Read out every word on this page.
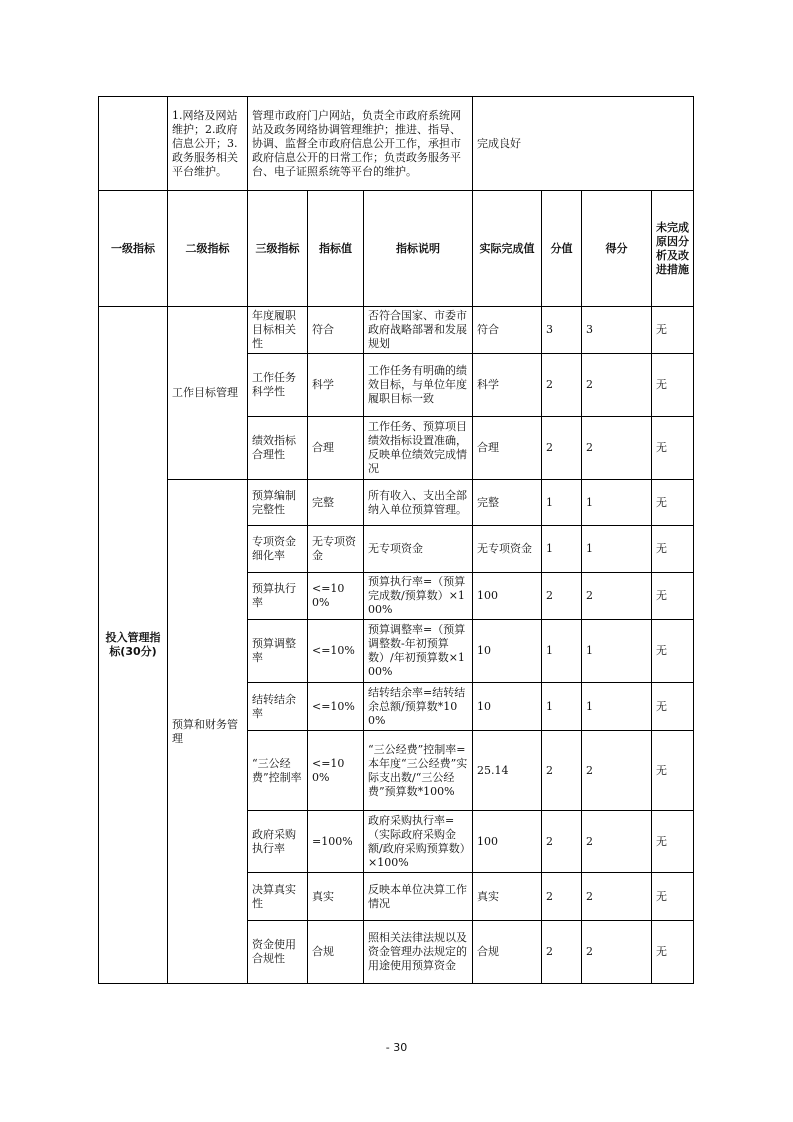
	1.网络及网站维护；2.政府信息公开；3.政务服务相关平台维护。	管理市政府门户网站，负责全市政府系统网站及政务网络协调管理维护；推进、指导、协调、监督全市政府信息公开工作，承担市政府信息公开的日常工作；负责政务服务平台、电子证照系统等平台的维护。			完成良好			
一级指标	二级指标	三级指标	指标值	指标说明	实际完成值	分值	得分	未完成原因分析及改进措施
投入管理指标(30分)	工作目标管理	年度履职目标相关性	符合	否符合国家、市委市政府战略部署和发展规划	符合	3	3	无
		工作任务科学性	科学	工作任务有明确的绩效目标，与单位年度履职目标一致	科学	2	2	无
		绩效指标合理性	合理	工作任务、预算项目绩效指标设置准确，反映单位绩效完成情况	合理	2	2	无
	预算和财务管理	预算编制完整性	完整	所有收入、支出全部纳入单位预算管理。	完整	1	1	无
		专项资金细化率	无专项资金	无专项资金	无专项资金	1	1	无
		预算执行率	<=100%	预算执行率=（预算完成数/预算数）×100%	100	2	2	无
		预算调整率	<=10%	预算调整率=（预算调整数-年初预算数）/年初预算数×100%	10	1	1	无
		结转结余率	<=10%	结转结余率=结转结余总额/预算数*100%	10	1	1	无
		“三公经费”控制率	<=100%	“三公经费”控制率=本年度“三公经费”实际支出数/“三公经费”预算数*100%	25.14	2	2	无
		政府采购执行率	=100%	政府采购执行率=（实际政府采购金额/政府采购预算数）×100%	100	2	2	无
		决算真实性	真实	反映本单位决算工作情况	真实	2	2	无
		资金使用合规性	合规	照相关法律法规以及资金管理办法规定的用途使用预算资金	合规	2	2	无
- 30
